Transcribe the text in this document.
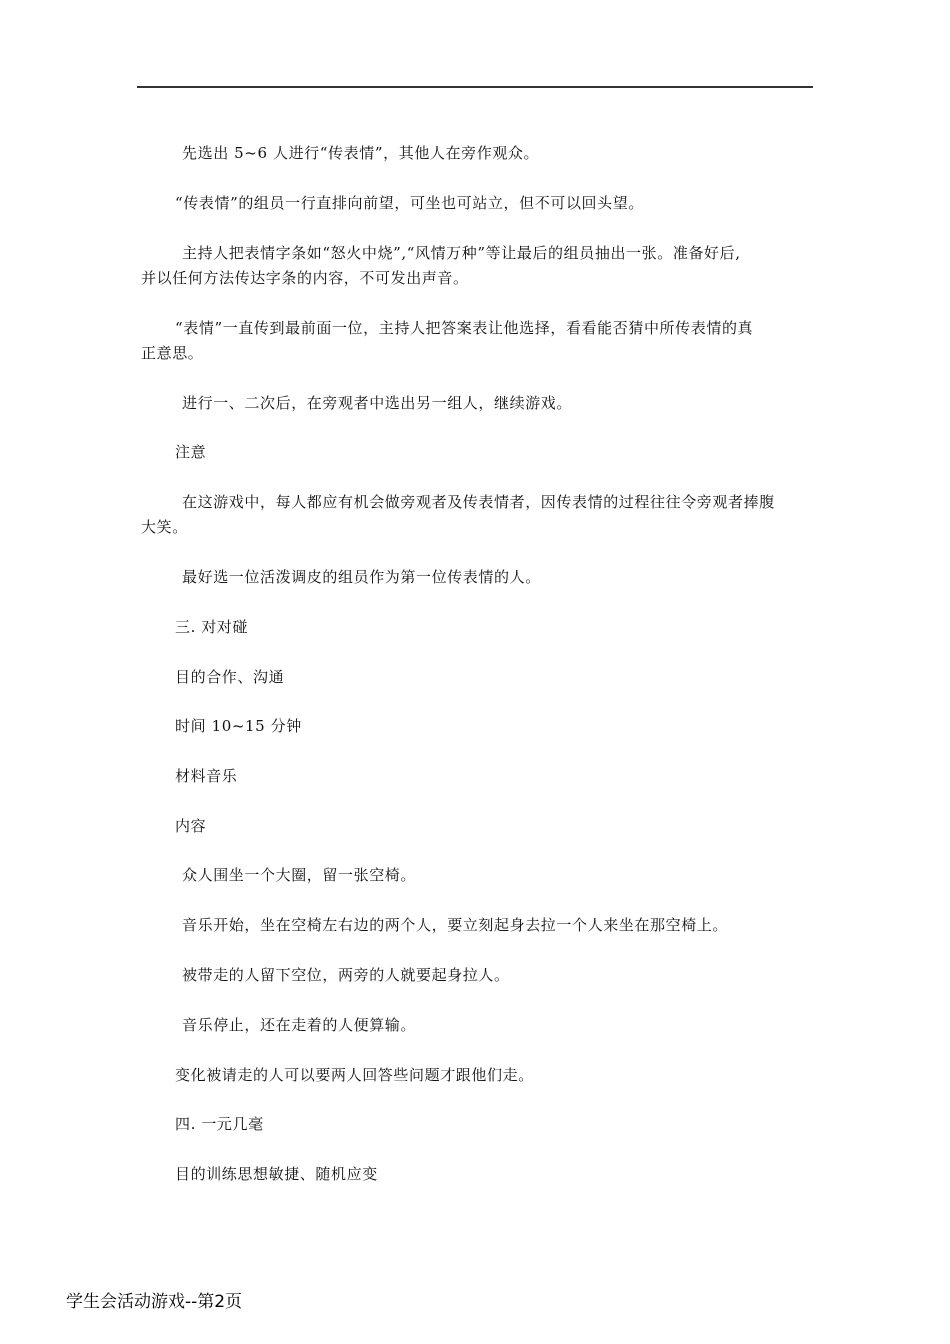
先选出 5~6 人进行“传表情”，其他人在旁作观众。
“传表情”的组员一行直排向前望，可坐也可站立，但不可以回头望。
主持人把表情字条如“怒火中烧”,“风情万种”等让最后的组员抽出一张。准备好后,
并以任何方法传达字条的内容，不可发出声音。
“表情”一直传到最前面一位，主持人把答案表让他选择，看看能否猜中所传表情的真
正意思。
进行一、二次后，在旁观者中选出另一组人，继续游戏。
注意
在这游戏中，每人都应有机会做旁观者及传表情者，因传表情的过程往往令旁观者捧腹
大笑。
最好选一位活泼调皮的组员作为第一位传表情的人。
三. 对对碰
目的合作、沟通
时间 10~15 分钟
材料音乐
内容
众人围坐一个大圈，留一张空椅。
音乐开始，坐在空椅左右边的两个人，要立刻起身去拉一个人来坐在那空椅上。
被带走的人留下空位，两旁的人就要起身拉人。
音乐停止，还在走着的人便算输。
变化被请走的人可以要两人回答些问题才跟他们走。
四. 一元几毫
目的训练思想敏捷、随机应变
学生会活动游戏--第2页
